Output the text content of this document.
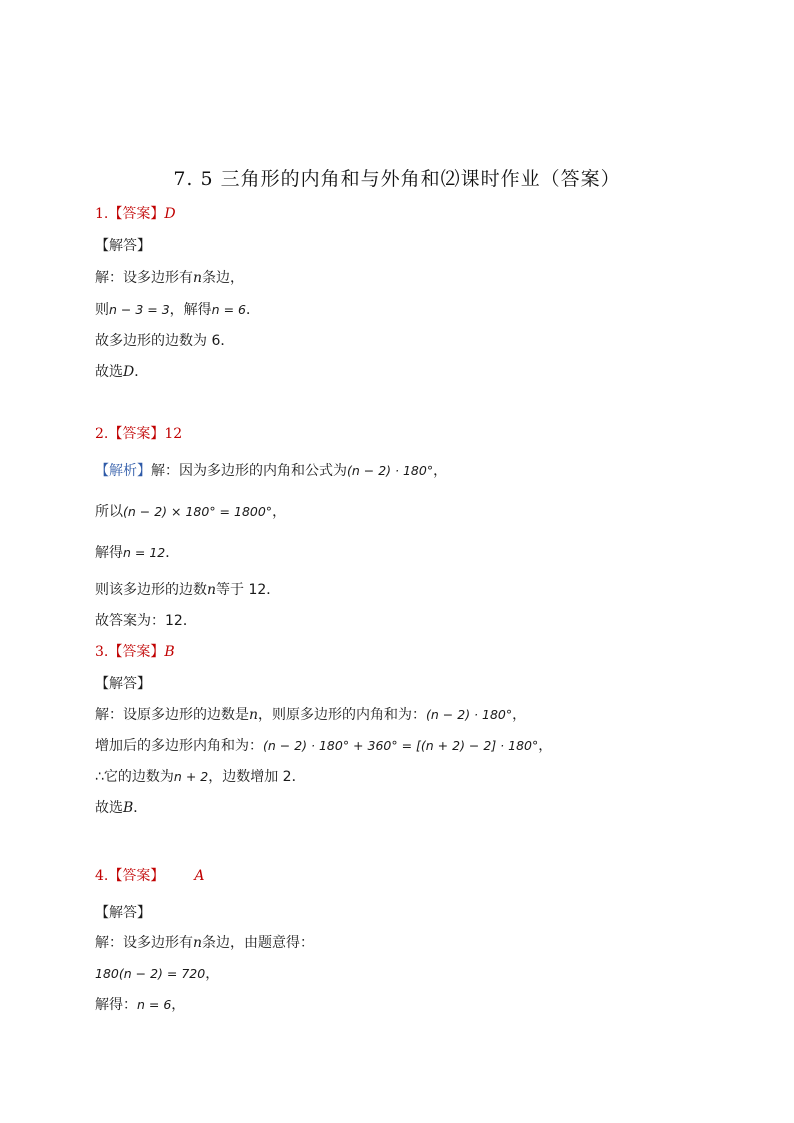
7. 5 三角形的内角和与外角和⑵课时作业（答案）
1.【答案】D
【解答】
解：设多边形有n条边，
则n − 3 = 3，解得n = 6．
故多边形的边数为 6．
故选D．
2.【答案】12
【解析】解：因为多边形的内角和公式为(n − 2) · 180°，
所以(n − 2) × 180° = 1800°，
解得n = 12．
则该多边形的边数n等于 12．
故答案为：12．
3.【答案】B
【解答】
解：设原多边形的边数是n，则原多边形的内角和为：(n − 2) · 180°，
增加后的多边形内角和为：(n − 2) · 180° + 360° = [(n + 2) − 2] · 180°，
∴它的边数为n + 2，边数增加 2．
故选B．
4.【答案】 A
【解答】
解：设多边形有n条边，由题意得：
180(n − 2) = 720，
解得：n = 6，
